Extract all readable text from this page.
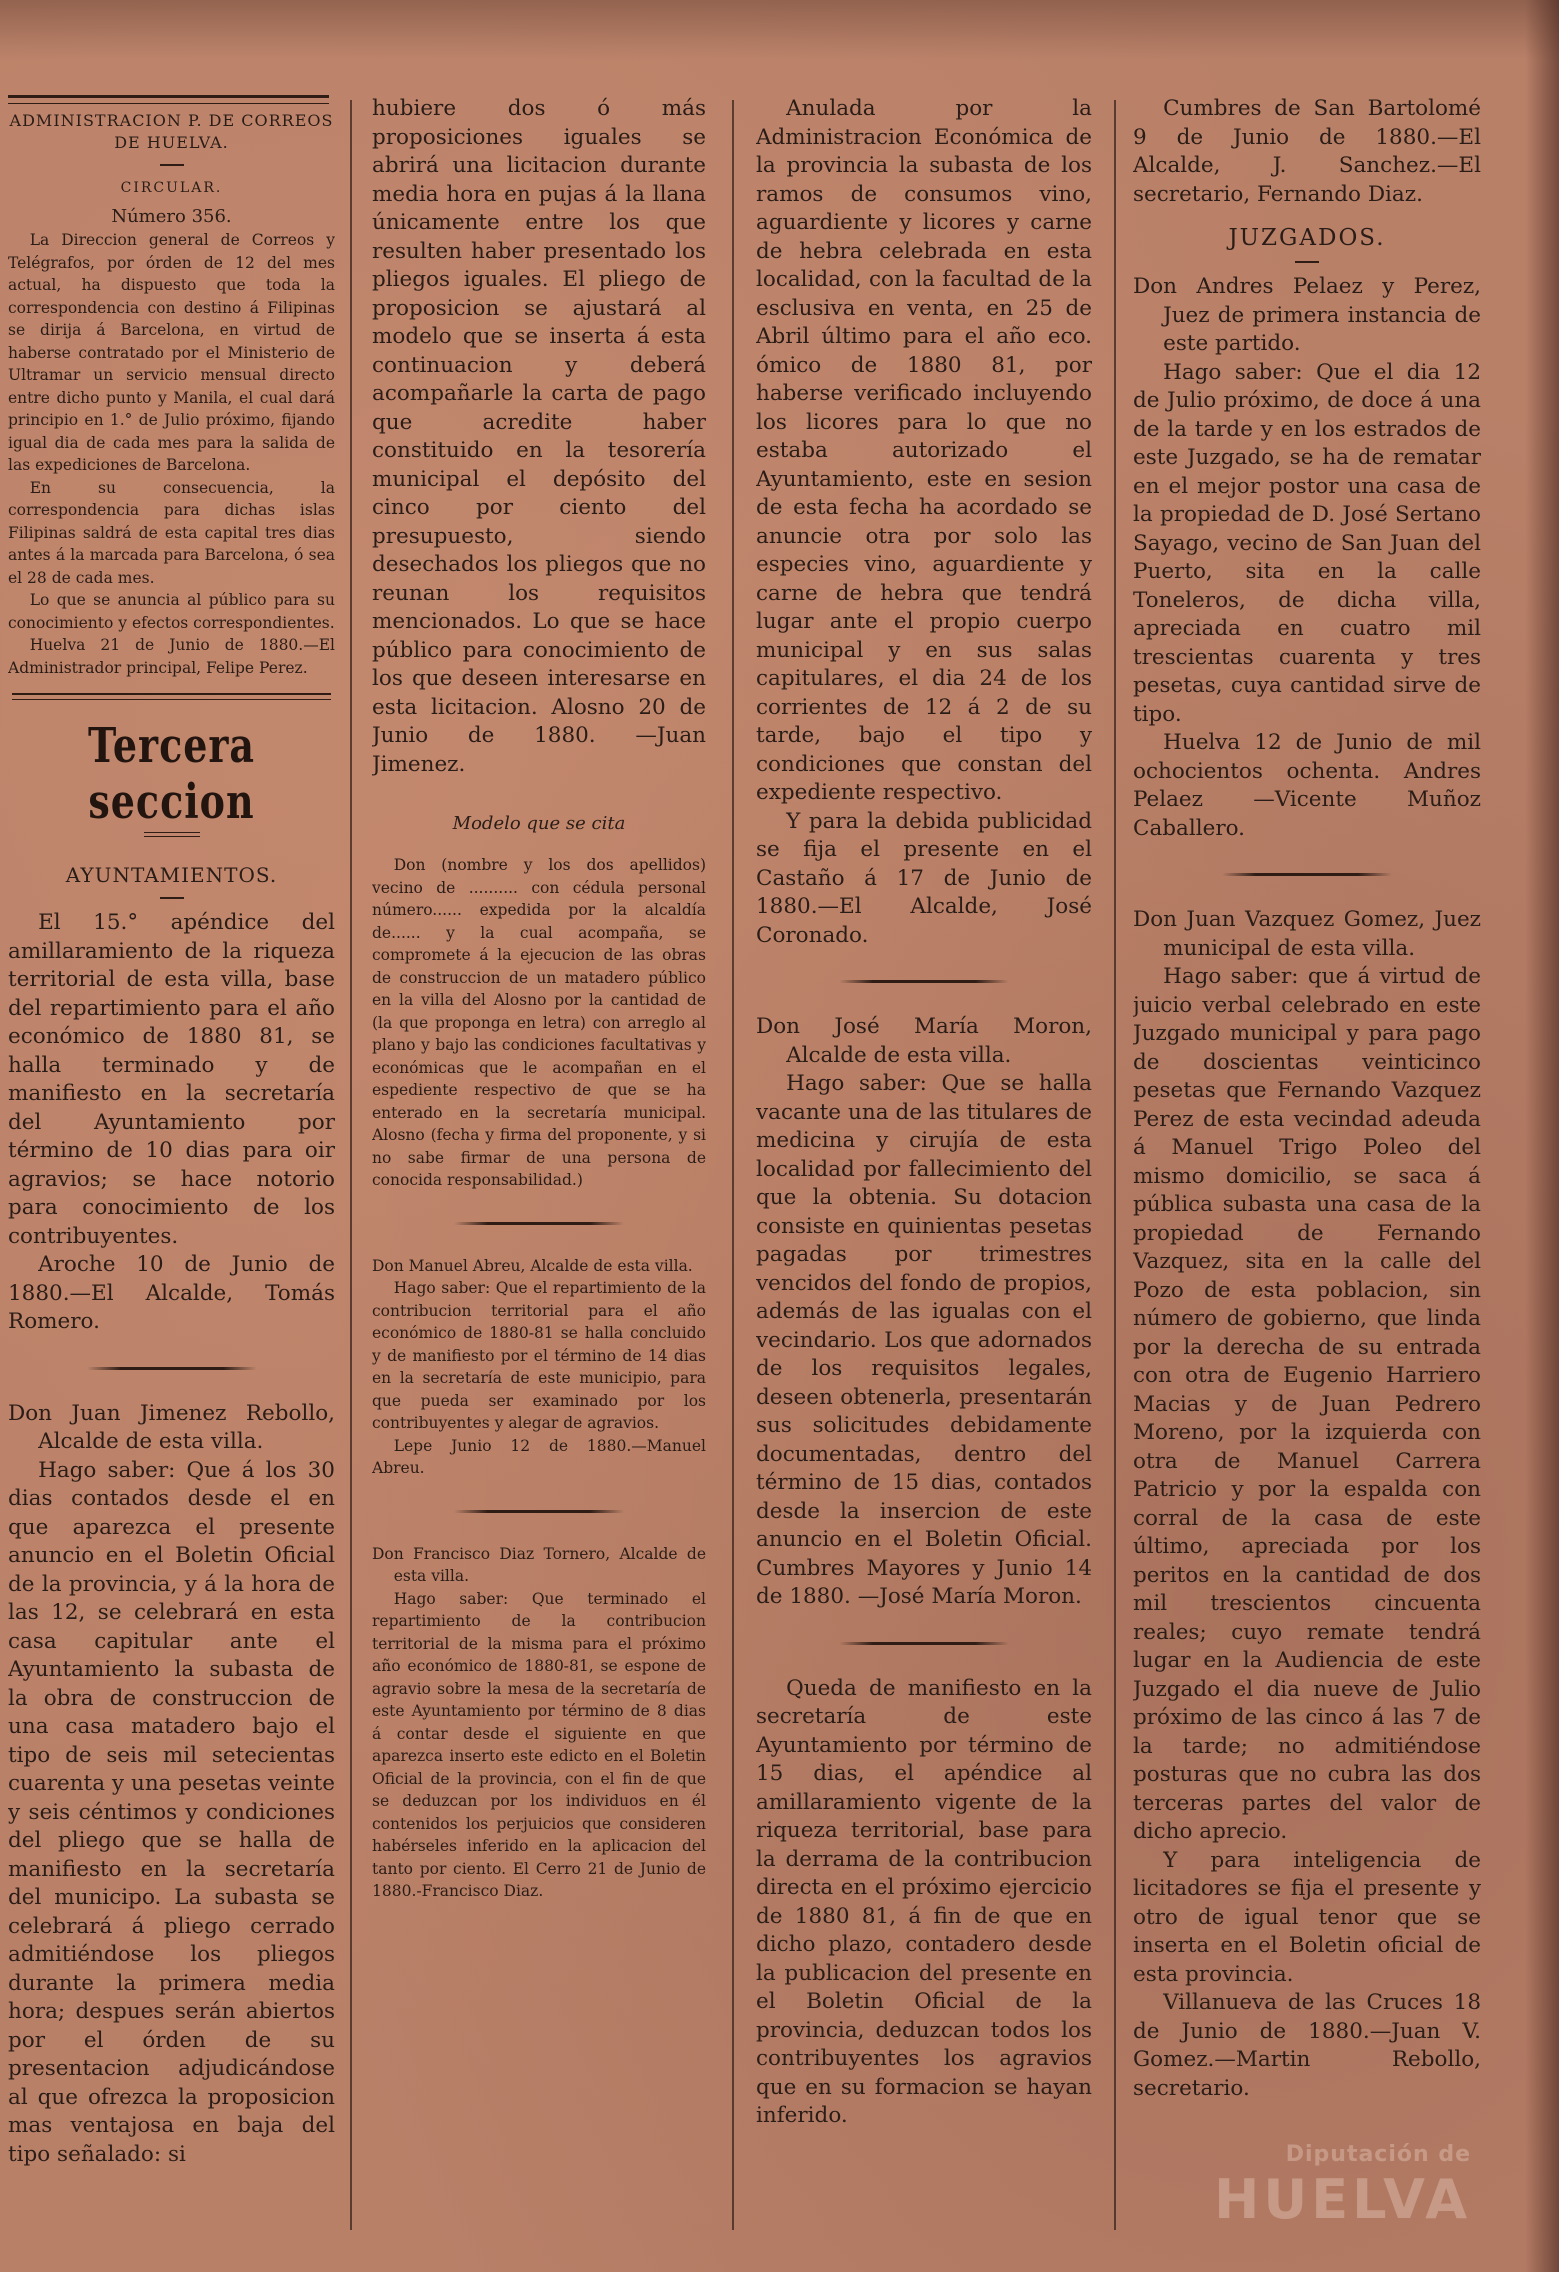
ADMINISTRACION P. DE CORREOS

DE HUELVA.

CIRCULAR.

Número 356.

La Direccion general de Correos y Telégrafos, por órden de 12 del mes actual, ha dispuesto que toda la correspondencia con destino á Filipinas se dirija á Barcelona, en virtud de haberse contratado por el Ministerio de Ultramar un servicio mensual directo entre dicho punto y Manila, el cual dará principio en 1.° de Julio próximo, fijando igual dia de cada mes para la salida de las expediciones de Barcelona.

En su consecuencia, la correspondencia para dichas islas Filipinas saldrá de esta capital tres dias antes á la marcada para Barcelona, ó sea el 28 de cada mes.

Lo que se anuncia al público para su conocimiento y efectos correspondientes.

Huelva 21 de Junio de 1880.—El Administrador principal, Felipe Perez.

Tercera seccion

AYUNTAMIENTOS.

El 15.° apéndice del amillaramiento de la riqueza territorial de esta villa, base del repartimiento para el año económico de 1880 81, se halla terminado y de manifiesto en la secretaría del Ayuntamiento por término de 10 dias para oir agravios; se hace notorio para conocimiento de los contribuyentes.

Aroche 10 de Junio de 1880.—El Alcalde, Tomás Romero.

Don Juan Jimenez Rebollo, Alcalde de esta villa.

Hago saber: Que á los 30 dias contados desde el en que aparezca el presente anuncio en el Boletin Oficial de la provincia, y á la hora de las 12, se celebrará en esta casa capitular ante el Ayuntamiento la subasta de la obra de construccion de una casa matadero bajo el tipo de seis mil setecientas cuarenta y una pesetas veinte y seis céntimos y condiciones del pliego que se halla de manifiesto en la secretaría del municipo. La subasta se celebrará á pliego cerrado admitiéndose los pliegos durante la primera media hora; despues serán abiertos por el órden de su presentacion adjudicándose al que ofrezca la proposicion mas ventajosa en baja del tipo señalado: si

hubiere dos ó más proposiciones iguales se abrirá una licitacion durante media hora en pujas á la llana únicamente entre los que resulten haber presentado los pliegos iguales. El pliego de proposicion se ajustará al modelo que se inserta á esta continuacion y deberá acompañarle la carta de pago que acredite haber constituido en la tesorería municipal el depósito del cinco por ciento del presupuesto, siendo desechados los pliegos que no reunan los requisitos mencionados. Lo que se hace público para conocimiento de los que deseen interesarse en esta licitacion. Alosno 20 de Junio de 1880. —Juan Jimenez.

Modelo que se cita

Don (nombre y los dos apellidos) vecino de .......... con cédula personal número...... expedida por la alcaldía de...... y la cual acompaña, se compromete á la ejecucion de las obras de construccion de un matadero público en la villa del Alosno por la cantidad de (la que proponga en letra) con arreglo al plano y bajo las condiciones facultativas y económicas que le acompañan en el espediente respectivo de que se ha enterado en la secretaría municipal. Alosno (fecha y firma del proponente, y si no sabe firmar de una persona de conocida responsabilidad.)

Don Manuel Abreu, Alcalde de esta villa.

Hago saber: Que el repartimiento de la contribucion territorial para el año económico de 1880-81 se halla concluido y de manifiesto por el término de 14 dias en la secretaría de este municipio, para que pueda ser examinado por los contribuyentes y alegar de agravios.

Lepe Junio 12 de 1880.—Manuel Abreu.

Don Francisco Diaz Tornero, Alcalde de esta villa.

Hago saber: Que terminado el repartimiento de la contribucion territorial de la misma para el próximo año económico de 1880-81, se espone de agravio sobre la mesa de la secretaría de este Ayuntamiento por término de 8 dias á contar desde el siguiente en que aparezca inserto este edicto en el Boletin Oficial de la provincia, con el fin de que se deduzcan por los individuos en él contenidos los perjuicios que consideren habérseles inferido en la aplicacion del tanto por ciento. El Cerro 21 de Junio de 1880.-Francisco Diaz.

Anulada por la Administracion Económica de la provincia la subasta de los ramos de consumos vino, aguardiente y licores y carne de hebra celebrada en esta localidad, con la facultad de la esclusiva en venta, en 25 de Abril último para el año eco. ómico de 1880 81, por haberse verificado incluyendo los licores para lo que no estaba autorizado el Ayuntamiento, este en sesion de esta fecha ha acordado se anuncie otra por solo las especies vino, aguardiente y carne de hebra que tendrá lugar ante el propio cuerpo municipal y en sus salas capitulares, el dia 24 de los corrientes de 12 á 2 de su tarde, bajo el tipo y condiciones que constan del expediente respectivo.

Y para la debida publicidad se fija el presente en el Castaño á 17 de Junio de 1880.—El Alcalde, José Coronado.

Don José María Moron, Alcalde de esta villa.

Hago saber: Que se halla vacante una de las titulares de medicina y cirujía de esta localidad por fallecimiento del que la obtenia. Su dotacion consiste en quinientas pesetas pagadas por trimestres vencidos del fondo de propios, además de las igualas con el vecindario. Los que adornados de los requisitos legales, deseen obtenerla, presentarán sus solicitudes debidamente documentadas, dentro del término de 15 dias, contados desde la insercion de este anuncio en el Boletin Oficial. Cumbres Mayores y Junio 14 de 1880. —José María Moron.

Queda de manifiesto en la secretaría de este Ayuntamiento por término de 15 dias, el apéndice al amillaramiento vigente de la riqueza territorial, base para la derrama de la contribucion directa en el próximo ejercicio de 1880 81, á fin de que en dicho plazo, contadero desde la publicacion del presente en el Boletin Oficial de la provincia, deduzcan todos los contribuyentes los agravios que en su formacion se hayan inferido.

Cumbres de San Bartolomé 9 de Junio de 1880.—El Alcalde, J. Sanchez.—El secretario, Fernando Diaz.

JUZGADOS.

Don Andres Pelaez y Perez, Juez de primera instancia de este partido.

Hago saber: Que el dia 12 de Julio próximo, de doce á una de la tarde y en los estrados de este Juzgado, se ha de rematar en el mejor postor una casa de la propiedad de D. José Sertano Sayago, vecino de San Juan del Puerto, sita en la calle Toneleros, de dicha villa, apreciada en cuatro mil trescientas cuarenta y tres pesetas, cuya cantidad sirve de tipo.

Huelva 12 de Junio de mil ochocientos ochenta. Andres Pelaez —Vicente Muñoz Caballero.

Don Juan Vazquez Gomez, Juez municipal de esta villa.

Hago saber: que á virtud de juicio verbal celebrado en este Juzgado municipal y para pago de doscientas veinticinco pesetas que Fernando Vazquez Perez de esta vecindad adeuda á Manuel Trigo Poleo del mismo domicilio, se saca á pública subasta una casa de la propiedad de Fernando Vazquez, sita en la calle del Pozo de esta poblacion, sin número de gobierno, que linda por la derecha de su entrada con otra de Eugenio Harriero Macias y de Juan Pedrero Moreno, por la izquierda con otra de Manuel Carrera Patricio y por la espalda con corral de la casa de este último, apreciada por los peritos en la cantidad de dos mil trescientos cincuenta reales; cuyo remate tendrá lugar en la Audiencia de este Juzgado el dia nueve de Julio próximo de las cinco á las 7 de la tarde; no admitiéndose posturas que no cubra las dos terceras partes del valor de dicho aprecio.

Y para inteligencia de licitadores se fija el presente y otro de igual tenor que se inserta en el Boletin oficial de esta provincia.

Villanueva de las Cruces 18 de Junio de 1880.—Juan V. Gomez.—Martin Rebollo, secretario.

Diputación de
HUELVA
